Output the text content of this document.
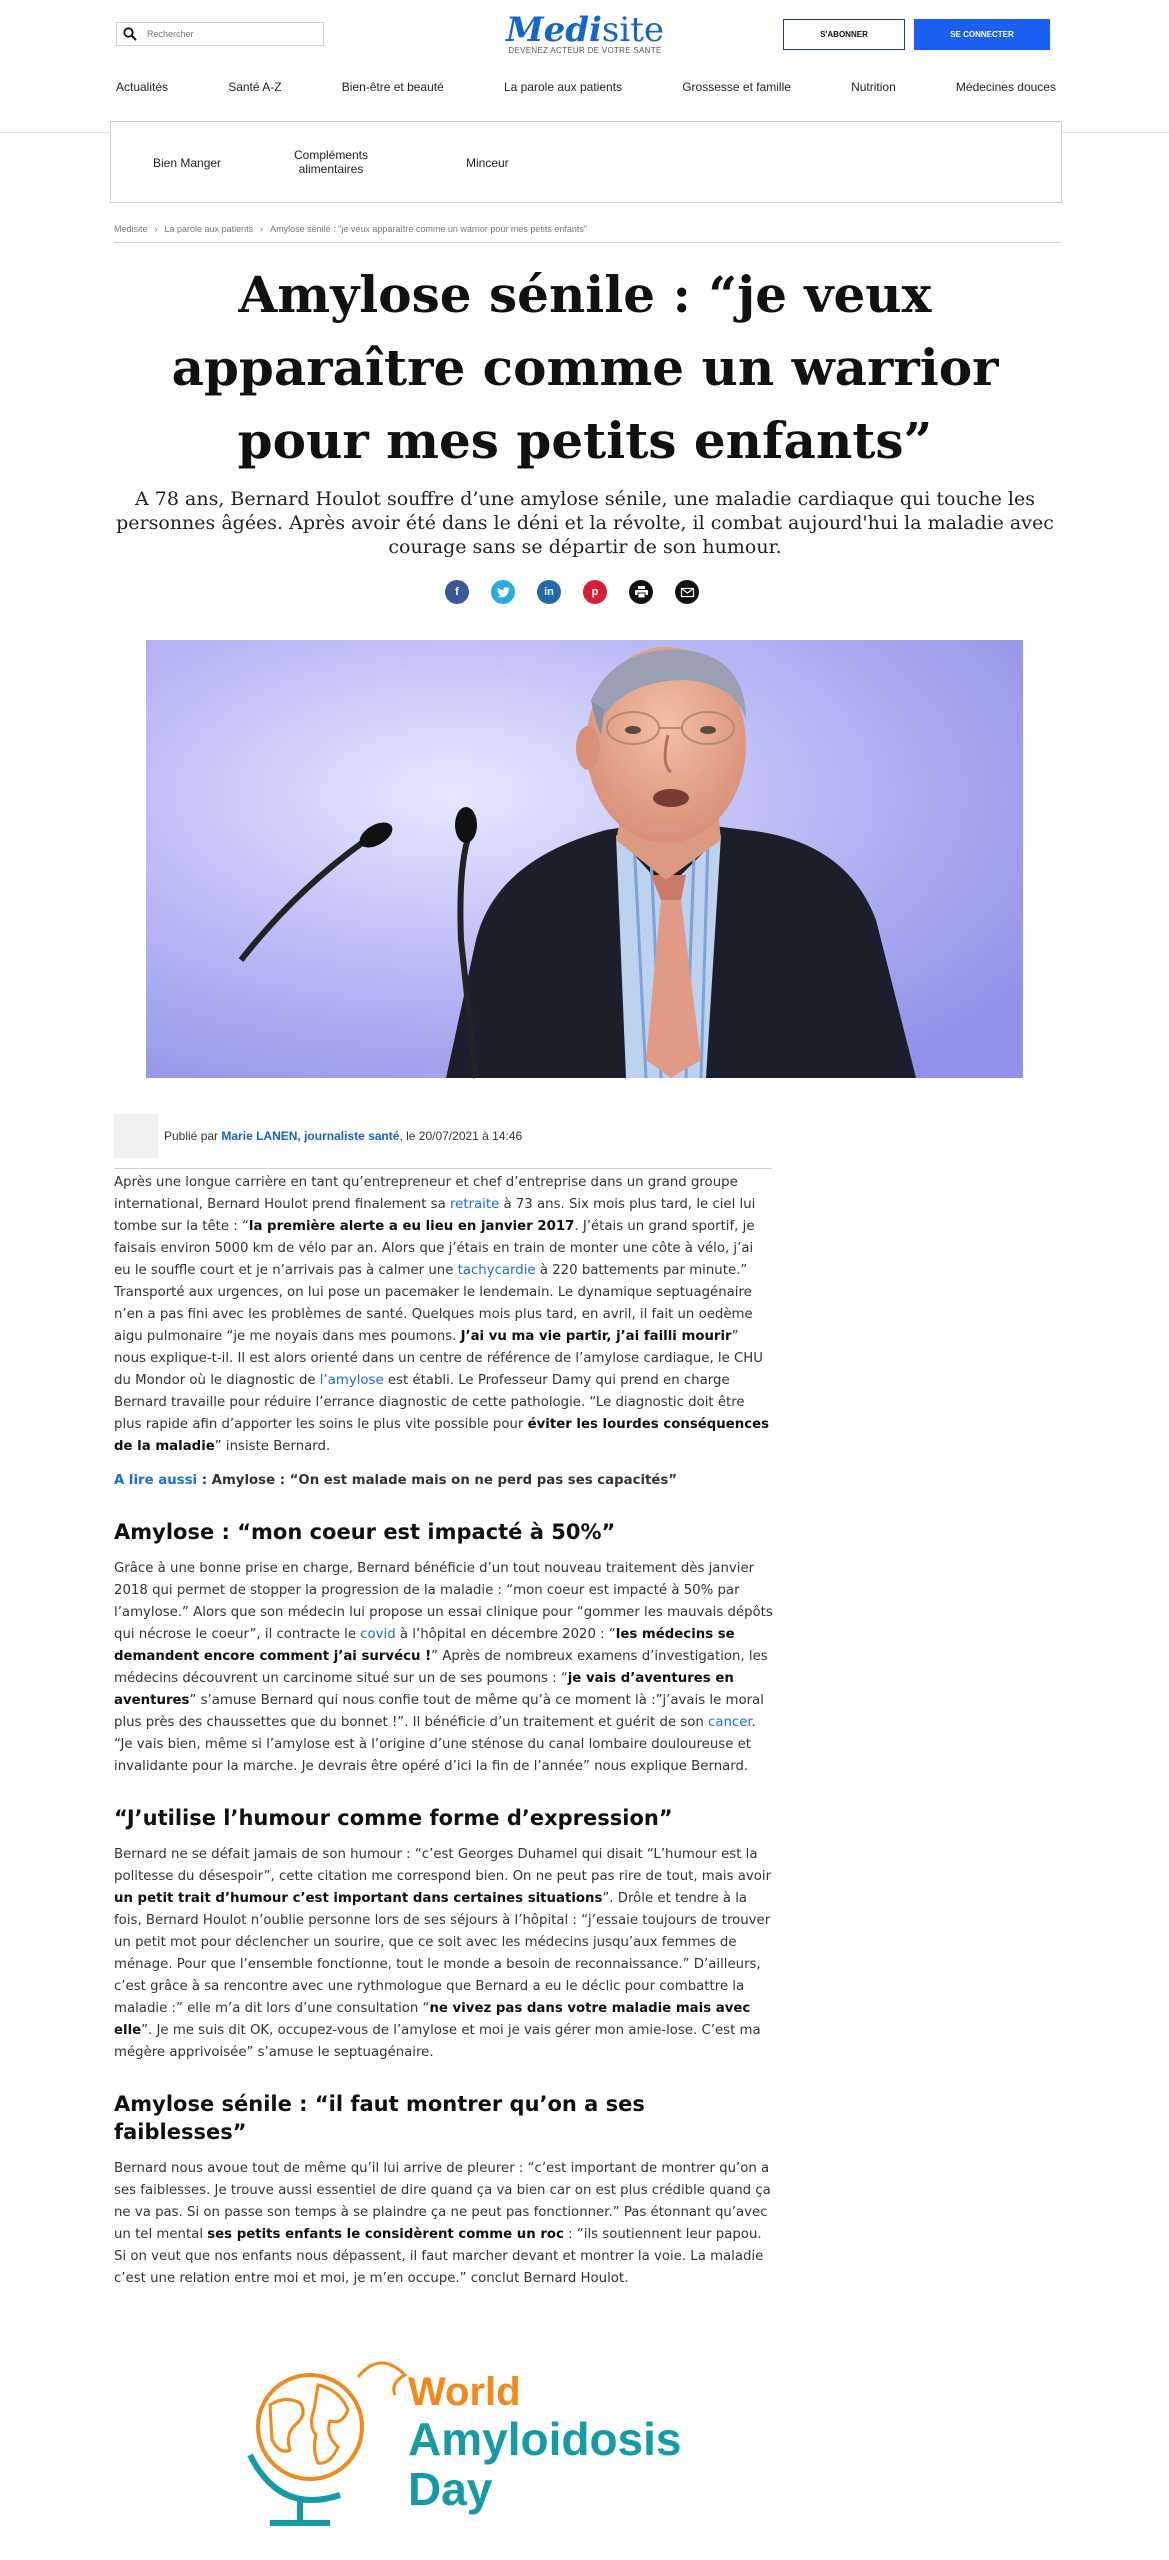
Rechercher
Medisite
DEVENEZ ACTEUR DE VOTRE SANTÉ
S'ABONNER	SE CONNECTER
Actualités	Santé A-Z	Bien-être et beauté	La parole aux patients	Grossesse et famille	Nutrition	Médecines douces
Bien Manger
Compléments alimentaires	Minceur
Medisite › La parole aux patients › Amylose sénile : "je veux apparaître comme un warrior pour mes petits enfants"
Amylose sénile : “je veux apparaître comme un warrior pour mes petits enfants”

A 78 ans, Bernard Houlot souffre d’une amylose sénile, une maladie cardiaque qui touche les personnes âgées. Après avoir été dans le déni et la révolte, il combat aujourd'hui la maladie avec courage sans se départir de son humour.

f	in	p
Publié par Marie LANEN, journaliste santé, le 20/07/2021 à 14:46

Après une longue carrière en tant qu’entrepreneur et chef d’entreprise dans un grand groupe international, Bernard Houlot prend finalement sa retraite à 73 ans. Six mois plus tard, le ciel lui tombe sur la tête : “la première alerte a eu lieu en janvier 2017. J’étais un grand sportif, je faisais environ 5000 km de vélo par an. Alors que j’étais en train de monter une côte à vélo, j’ai eu le souffle court et je n’arrivais pas à calmer une tachycardie à 220 battements par minute.” Transporté aux urgences, on lui pose un pacemaker le lendemain. Le dynamique septuagénaire n’en a pas fini avec les problèmes de santé. Quelques mois plus tard, en avril, il fait un oedème aigu pulmonaire “je me noyais dans mes poumons. J’ai vu ma vie partir, j’ai failli mourir” nous explique-t-il. Il est alors orienté dans un centre de référence de l’amylose cardiaque, le CHU du Mondor où le diagnostic de l’amylose est établi. Le Professeur Damy qui prend en charge Bernard travaille pour réduire l’errance diagnostic de cette pathologie. “Le diagnostic doit être plus rapide afin d’apporter les soins le plus vite possible pour éviter les lourdes conséquences de la maladie” insiste Bernard.

A lire aussi : Amylose : “On est malade mais on ne perd pas ses capacités”

Amylose : “mon coeur est impacté à 50%”

Grâce à une bonne prise en charge, Bernard bénéficie d’un tout nouveau traitement dès janvier 2018 qui permet de stopper la progression de la maladie : “mon coeur est impacté à 50% par l’amylose.” Alors que son médecin lui propose un essai clinique pour “gommer les mauvais dépôts qui nécrose le coeur”, il contracte le covid à l’hôpital en décembre 2020 : “les médecins se demandent encore comment j’ai survécu !” Après de nombreux examens d’investigation, les médecins découvrent un carcinome situé sur un de ses poumons : “je vais d’aventures en aventures” s’amuse Bernard qui nous confie tout de même qu’à ce moment là :”j’avais le moral plus près des chaussettes que du bonnet !”. Il bénéficie d’un traitement et guérit de son cancer. “Je vais bien, même si l’amylose est à l’origine d’une sténose du canal lombaire douloureuse et invalidante pour la marche. Je devrais être opéré d’ici la fin de l’année” nous explique Bernard.

“J’utilise l’humour comme forme d’expression”

Bernard ne se défait jamais de son humour : “c’est Georges Duhamel qui disait “L’humour est la politesse du désespoir”, cette citation me correspond bien. On ne peut pas rire de tout, mais avoir un petit trait d’humour c’est important dans certaines situations”. Drôle et tendre à la fois, Bernard Houlot n’oublie personne lors de ses séjours à l’hôpital : “j’essaie toujours de trouver un petit mot pour déclencher un sourire, que ce soit avec les médecins jusqu’aux femmes de ménage. Pour que l’ensemble fonctionne, tout le monde a besoin de reconnaissance.” D’ailleurs, c’est grâce à sa rencontre avec une rythmologue que Bernard a eu le déclic pour combattre la maladie :” elle m’a dit lors d’une consultation “ne vivez pas dans votre maladie mais avec elle”. Je me suis dit OK, occupez-vous de l’amylose et moi je vais gérer mon amie-lose. C’est ma mégère apprivoisée” s’amuse le septuagénaire.

Amylose sénile : “il faut montrer qu’on a ses faiblesses”

Bernard nous avoue tout de même qu’il lui arrive de pleurer : “c’est important de montrer qu’on a ses faiblesses. Je trouve aussi essentiel de dire quand ça va bien car on est plus crédible quand ça ne va pas. Si on passe son temps à se plaindre ça ne peut pas fonctionner.” Pas étonnant qu’avec un tel mental ses petits enfants le considèrent comme un roc : “ils soutiennent leur papou. Si on veut que nos enfants nous dépassent, il faut marcher devant et montrer la voie. La maladie c’est une relation entre moi et moi, je m’en occupe.” conclut Bernard Houlot.

World
Amyloidosis
Day
